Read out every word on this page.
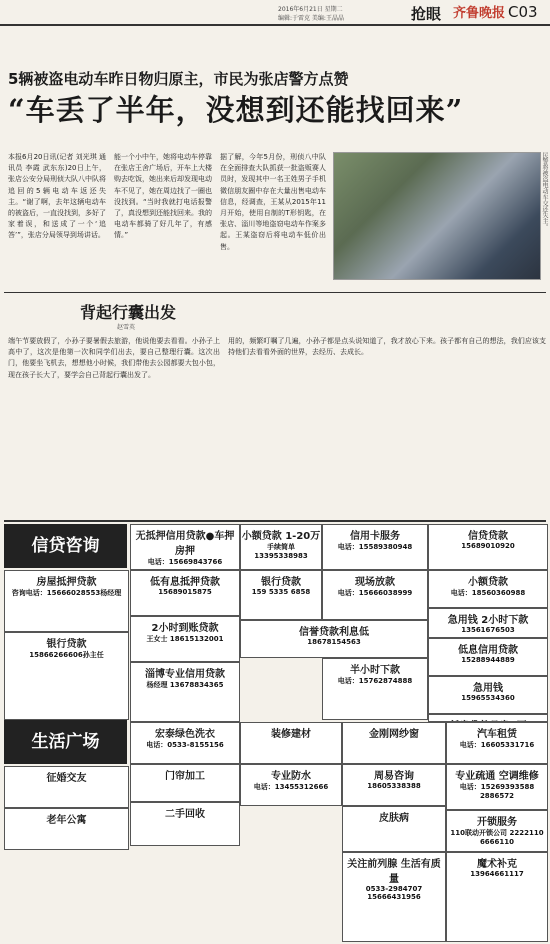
2016年6月21日 星期二
编辑:于雷克 美编:王晶晶	抢眼 齐鲁晚报 C03
5辆被盗电动车昨日物归原主，市民为张店警方点赞
“车丢了半年，没想到还能找回来”
本报6月20日讯(记者 刘光琪 通讯员 李霞 武东东)20日上午，张店公安分局刑侦大队八中队将追回的5辆电动车返还失主。“谢了啊，去年这辆电动车的被盗后，一直没找到，多好了家着误，和送成了一个‘追答’”，张店分局领导到场讲话。
能一个小中午，她将电动车停靠在张店王舍广场后，开车上大楼购去吃饭，她出来后却发现电动车不见了，她在周边找了一圈也没找到。“当时我就打电话报警了，真没想到还能找回来。我的电动车都骑了好几年了，有感情。”
据了解，今年5月份，刑侦八中队在全面排查大队抓获一批盗贩赛人员时，发现其中一名王姓男子手机微信朋友圈中存在大量出售电动车信息，经调查，王某从2015年11月开始，使用自制的T形钥匙，在张店、淄川等地盗窃电动车作案多起。王某盗窃后将电动车低价出售。
民警将被盗电动车交还失主。
背起行囊出发
赵雪英
端午节要放假了，小孙子要暑假去旅游，他说他要去看看。小孙子上高中了，这次是他第一次和同学们出去，要自己整理行囊。这次出门，他要坐飞机去，想想他小时候，我们带他去公园都要大包小包，现在孩子长大了，要学会自己背起行囊出发了。
用的，频繁叮嘱了几遍，小孙子都是点头说知道了，我才放心下来。孩子都有自己的想法，我们应该支持他们去看看外面的世界，去经历、去成长。
信贷咨询
生活广场
无抵押信用贷款●车押房押
电话：15669843766
小额贷款 1-20万
手续简单 13395338983
信用卡服务
电话：15589380948
信贷贷款
15689010920
房屋抵押贷款
咨询电话：15666028553杨经理
低有息抵押贷款
15689015875
银行贷款
159 5335 6858
现场放款
电话：15666038999
小额贷款
电话：18560360988
急用钱 2小时下款
13561676503
2小时到账贷款
王女士 18615132001
信誉贷款利息低
18678154563
低息信用贷款
15288944889
急用钱
15965534360
银行贷款
15866266606孙主任
淄博专业信用贷款
杨经理 13678834365
半小时下款
电话：15762874888
征婚交友
宏泰绿色洗衣
电话：0533-8155156
装修建材	金刚网纱窗	汽车租赁
电话：16605331716
门帘加工	专业防水
电话：13455312666
周易咨询
18605338388
专业疏通 空调维修
电话：15269393588 2886572
老年公寓
二手回收	皮肤病	开锁服务
110联动开锁公司 2222110 6666110
关注前列腺 生活有质量
0533-2984707 15666431956
魔术补克
13964661117
